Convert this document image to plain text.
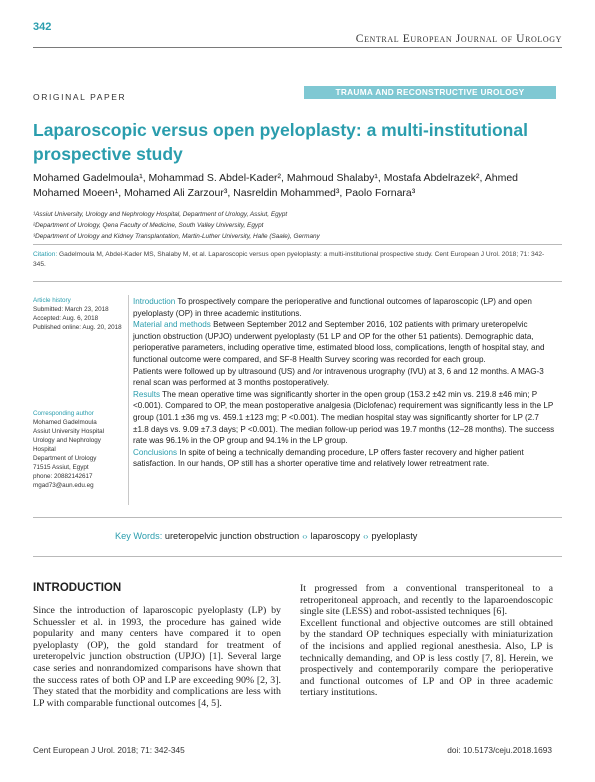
342
Central European Journal of Urology
ORIGINAL PAPER	TRAUMA AND RECONSTRUCTIVE UROLOGY
Laparoscopic versus open pyeloplasty: a multi-institutional prospective study
Mohamed Gadelmoula¹, Mohammad S. Abdel-Kader², Mahmoud Shalaby¹, Mostafa Abdelrazek², Ahmed Mohamed Moeen¹, Mohamed Ali Zarzour³, Nasreldin Mohammed³, Paolo Fornara³
¹Assiut University, Urology and Nephrology Hospital, Department of Urology, Assiut, Egypt
²Department of Urology, Qena Faculty of Medicine, South Valley University, Egypt
³Department of Urology and Kidney Transplantation, Martin-Luther University, Halle (Saale), Germany
Citation: Gadelmoula M, Abdel-Kader MS, Shalaby M, et al. Laparoscopic versus open pyeloplasty: a multi-institutional prospective study. Cent European J Urol. 2018; 71: 342-345.
Article history
Submitted: March 23, 2018
Accepted: Aug. 6, 2018
Published online: Aug. 20, 2018
Corresponding author
Mohamed Gadelmoula
Assiut University Hospital
Urology and Nephrology Hospital
Department of Urology
71515 Assiut, Egypt
phone: 20882142617
mgad73@aun.edu.eg

Introduction To prospectively compare the perioperative and functional outcomes of laparoscopic (LP) and open pyeloplasty (OP) in three academic institutions.

Material and methods Between September 2012 and September 2016, 102 patients with primary ureteropelvic junction obstruction (UPJO) underwent pyeloplasty (51 LP and OP for the other 51 patients). Demographic data, perioperative parameters, including operative time, estimated blood loss, complications, length of hospital stay, and functional outcome were compared, and SF-8 Health Survey scoring was recorded for each group.

Patients were followed up by ultrasound (US) and /or intravenous urography (IVU) at 3, 6 and 12 months. A MAG-3 renal scan was performed at 3 months postoperatively.

Results The mean operative time was significantly shorter in the open group (153.2 ±42 min vs. 219.8 ±46 min; P <0.001). Compared to OP, the mean postoperative analgesia (Diclofenac) requirement was significantly less in the LP group (101.1 ±36 mg vs. 459.1 ±123 mg; P <0.001). The median hospital stay was significantly shorter for LP (2.7 ±1.8 days vs. 9.09 ±7.3 days; P <0.001). The median follow-up period was 19.7 months (12–28 months). The success rate was 96.1% in the OP group and 94.1% in the LP group.

Conclusions In spite of being a technically demanding procedure, LP offers faster recovery and higher patient satisfaction. In our hands, OP still has a shorter operative time and relatively lower retreatment rate.

Key Words: ureteropelvic junction obstruction ‹› laparoscopy ‹› pyeloplasty
INTRODUCTION

Since the introduction of laparoscopic pyeloplasty (LP) by Schuessler et al. in 1993, the procedure has gained wide popularity and many centers have compared it to open pyeloplasty (OP), the gold standard for treatment of ureteropelvic junction obstruction (UPJO) [1]. Several large case series and nonrandomized comparisons have shown that the success rates of both OP and LP are exceeding 90% [2, 3]. They stated that the morbidity and complications are less with LP with comparable functional outcomes [4, 5].

It progressed from a conventional transperitoneal to a retroperitoneal approach, and recently to the laparoendoscopic single site (LESS) and robot-assisted techniques [6].

Excellent functional and objective outcomes are still obtained by the standard OP techniques especially with miniaturization of the incisions and applied regional anesthesia. Also, LP is technically demanding, and OP is less costly [7, 8]. Herein, we prospectively and contemporarily compare the perioperative and functional outcomes of LP and OP in three academic tertiary institutions.

Cent European J Urol. 2018; 71: 342-345	doi: 10.5173/ceju.2018.1693
